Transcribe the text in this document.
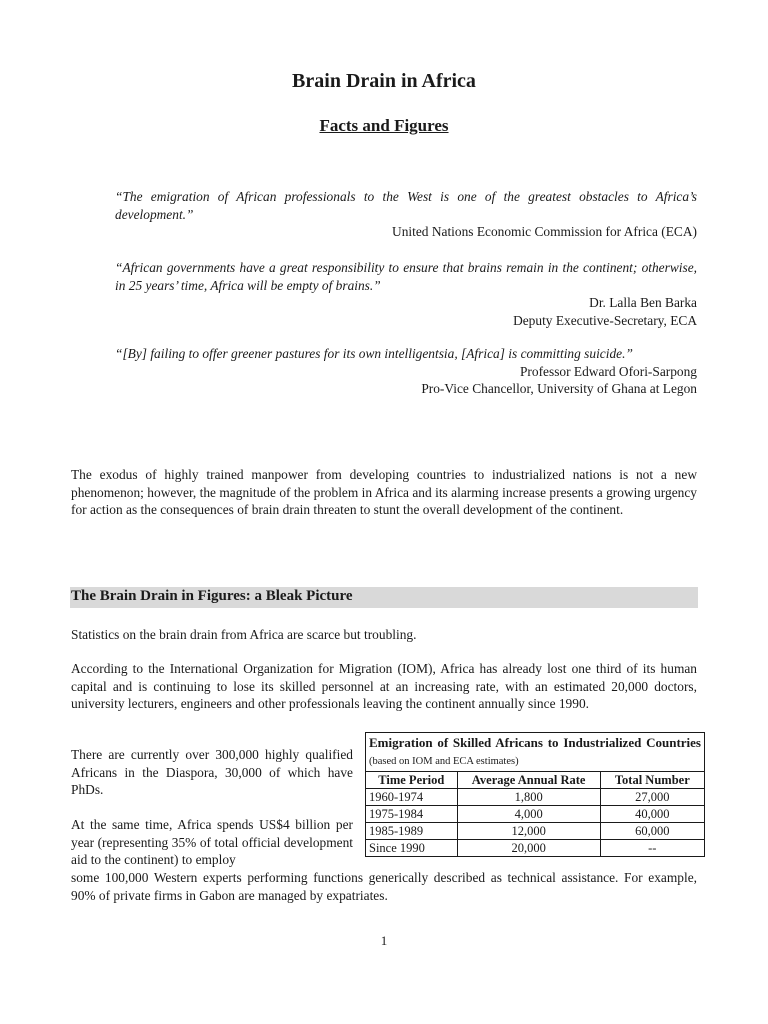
Brain Drain in Africa
Facts and Figures

“The emigration of African professionals to the West is one of the greatest obstacles to Africa’s development.”

United Nations Economic Commission for Africa (ECA)

“African governments have a great responsibility to ensure that brains remain in the continent; otherwise, in 25 years’ time, Africa will be empty of brains.”

Dr. Lalla Ben Barka

Deputy Executive-Secretary, ECA

“[By] failing to offer greener pastures for its own intelligentsia, [Africa] is committing suicide.”

Professor Edward Ofori-Sarpong

Pro-Vice Chancellor, University of Ghana at Legon

The exodus of highly trained manpower from developing countries to industrialized nations is not a new phenomenon; however, the magnitude of the problem in Africa and its alarming increase presents a growing urgency for action as the consequences of brain drain threaten to stunt the overall development of the continent.

The Brain Drain in Figures: a Bleak Picture

Statistics on the brain drain from Africa are scarce but troubling.

According to the International Organization for Migration (IOM), Africa has already lost one third of its human capital and is continuing to lose its skilled personnel at an increasing rate, with an estimated 20,000 doctors, university lecturers, engineers and other professionals leaving the continent annually since 1990.

There are currently over 300,000 highly qualified Africans in the Diaspora, 30,000 of which have PhDs.

At the same time, Africa spends US$4 billion per year (representing 35% of total official development aid to the continent) to employ

some 100,000 Western experts performing functions generically described as technical assistance. For example, 90% of private firms in Gabon are managed by expatriates.

Emigration of Skilled Africans to Industrialized Countries (based on IOM and ECA estimates)		
Time Period	Average Annual Rate	Total Number
1960-1974	1,800	27,000
1975-1984	4,000	40,000
1985-1989	12,000	60,000
Since 1990	20,000	--
1
